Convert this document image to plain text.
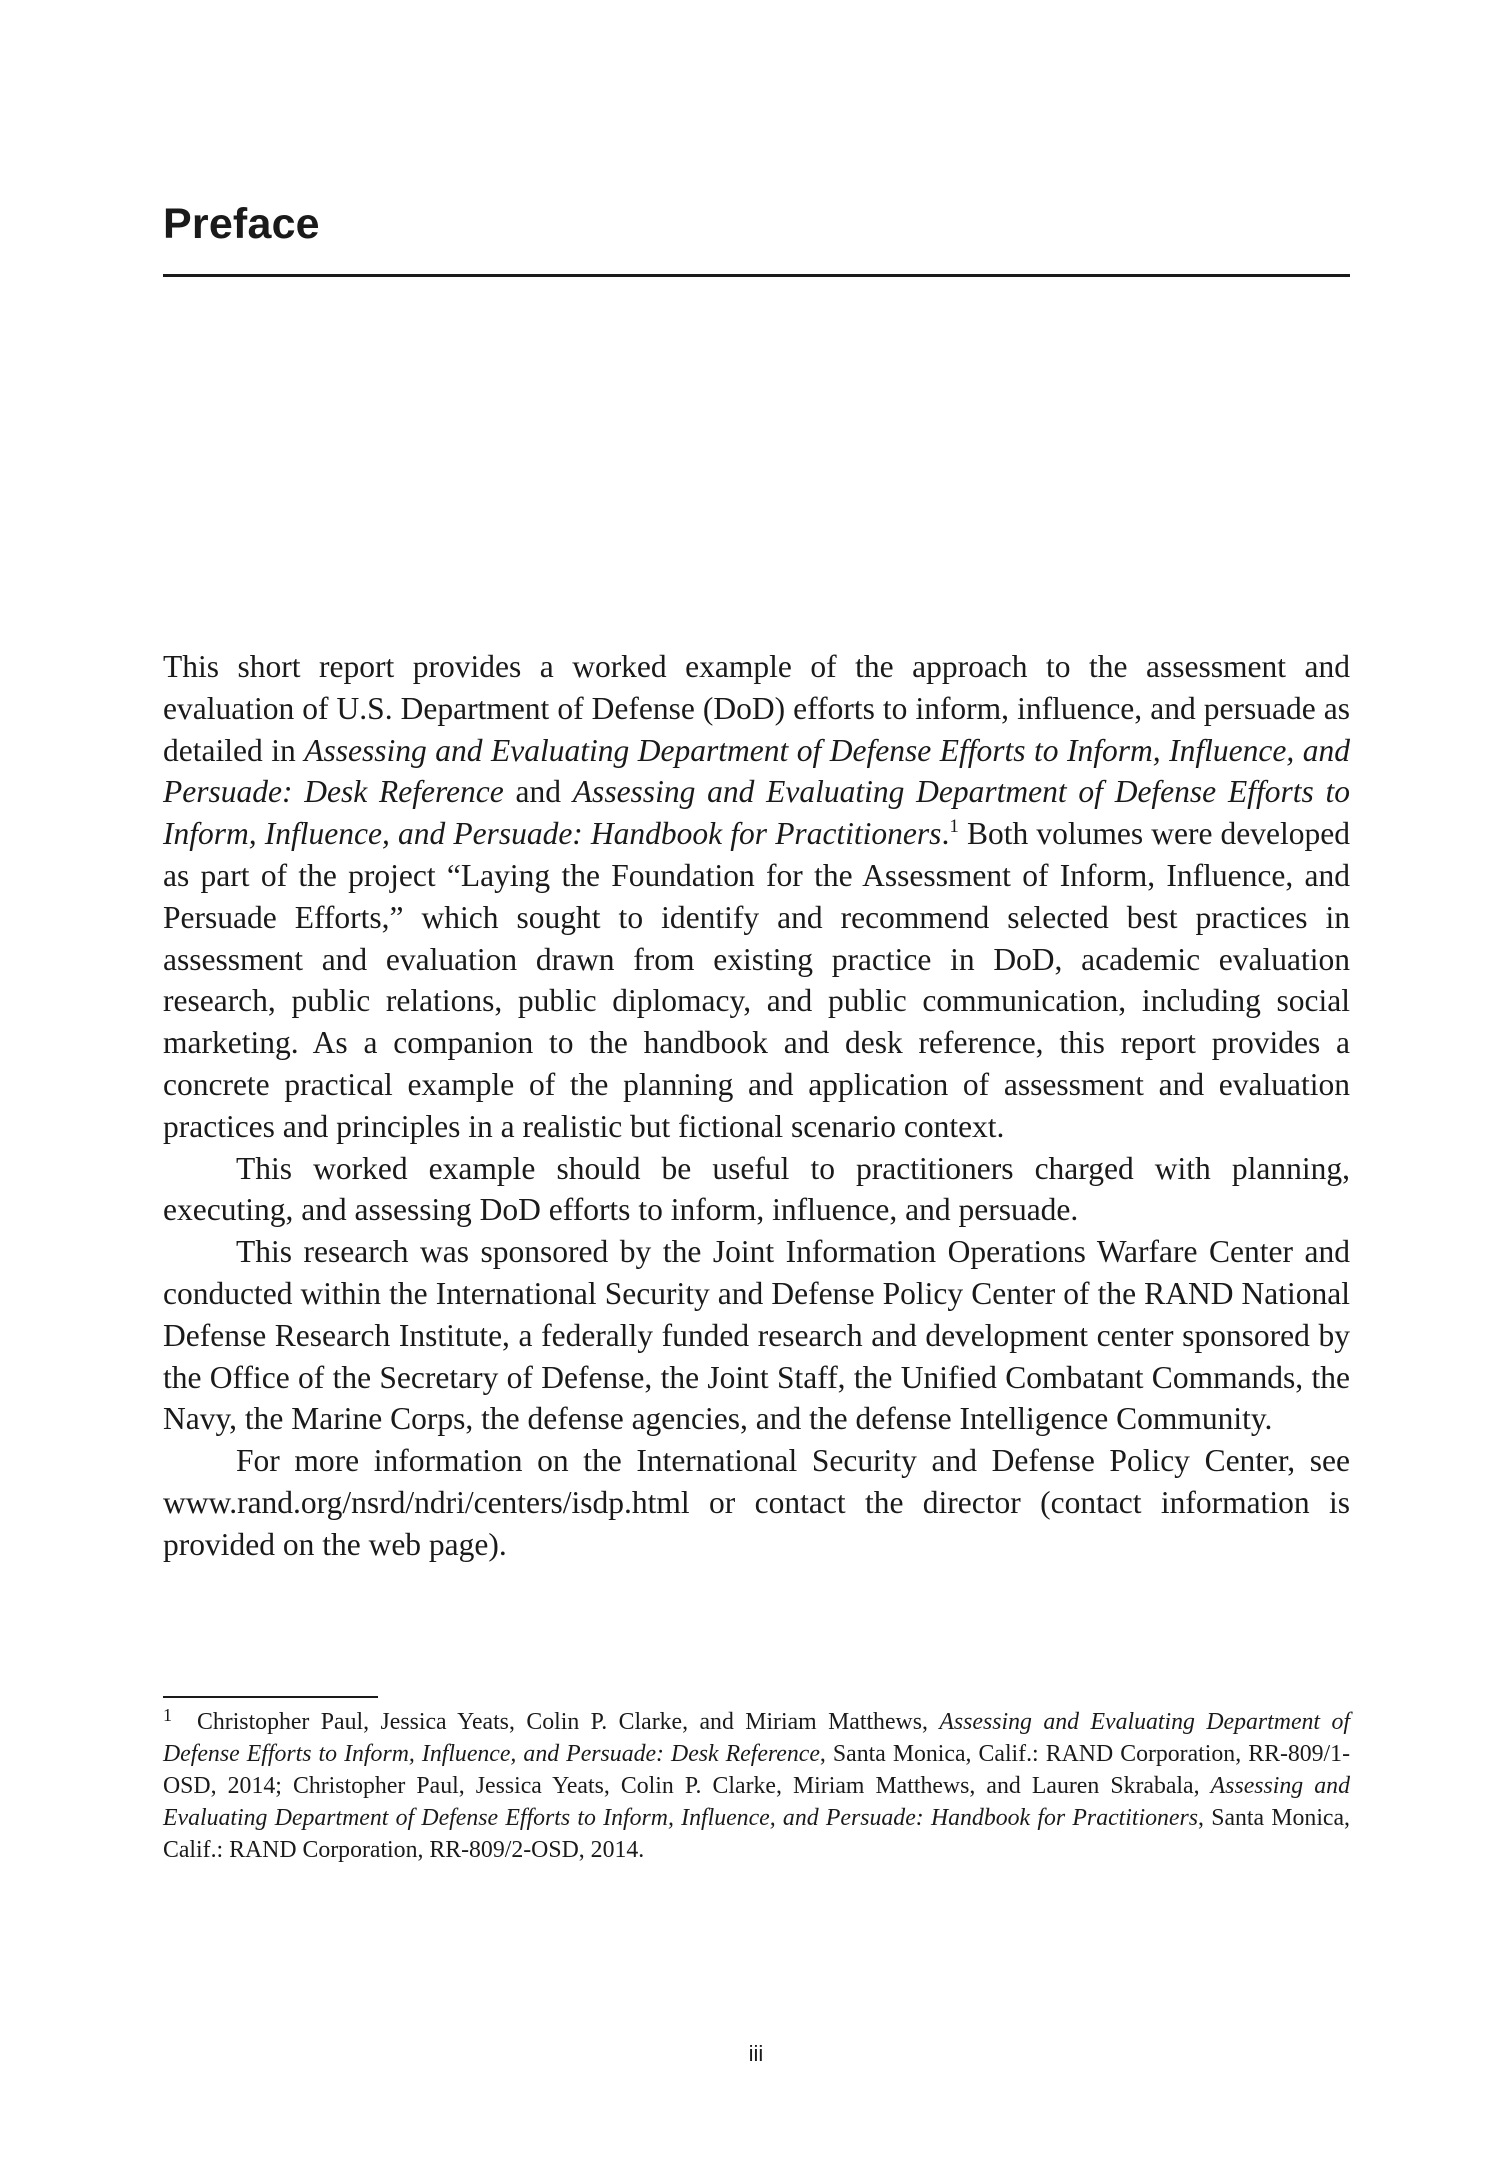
Preface

This short report provides a worked example of the approach to the assessment and evaluation of U.S. Department of Defense (DoD) efforts to inform, influence, and persuade as detailed in Assessing and Evaluating Department of Defense Efforts to Inform, Influence, and Persuade: Desk Reference and Assessing and Evaluating Department of Defense Efforts to Inform, Influence, and Persuade: Handbook for Practitioners.$^1$ Both volumes were developed as part of the project “Laying the Foundation for the Assessment of Inform, Influence, and Persuade Efforts,” which sought to identify and recommend selected best practices in assessment and evaluation drawn from existing practice in DoD, academic evaluation research, public relations, public diplomacy, and public communication, including social marketing. As a companion to the handbook and desk reference, this report provides a concrete practical example of the planning and application of assessment and evaluation practices and principles in a realistic but fictional scenario context.

This worked example should be useful to practitioners charged with planning, executing, and assessing DoD efforts to inform, influence, and persuade.

This research was sponsored by the Joint Information Operations Warfare Center and conducted within the International Security and Defense Policy Center of the RAND National Defense Research Institute, a federally funded research and development center sponsored by the Office of the Secretary of Defense, the Joint Staff, the Unified Combatant Commands, the Navy, the Marine Corps, the defense agencies, and the defense Intelligence Community.

For more information on the International Security and Defense Policy Center, see www.rand.org/nsrd/ndri/centers/isdp.html or contact the director (contact information is provided on the web page).

1 Christopher Paul, Jessica Yeats, Colin P. Clarke, and Miriam Matthews, Assessing and Evaluating Department of Defense Efforts to Inform, Influence, and Persuade: Desk Reference, Santa Monica, Calif.: RAND Corporation, RR-809/1-OSD, 2014; Christopher Paul, Jessica Yeats, Colin P. Clarke, Miriam Matthews, and Lauren Skrabala, Assessing and Evaluating Department of Defense Efforts to Inform, Influence, and Persuade: Handbook for Practitioners, Santa Monica, Calif.: RAND Corporation, RR-809/2-OSD, 2014.

iii
